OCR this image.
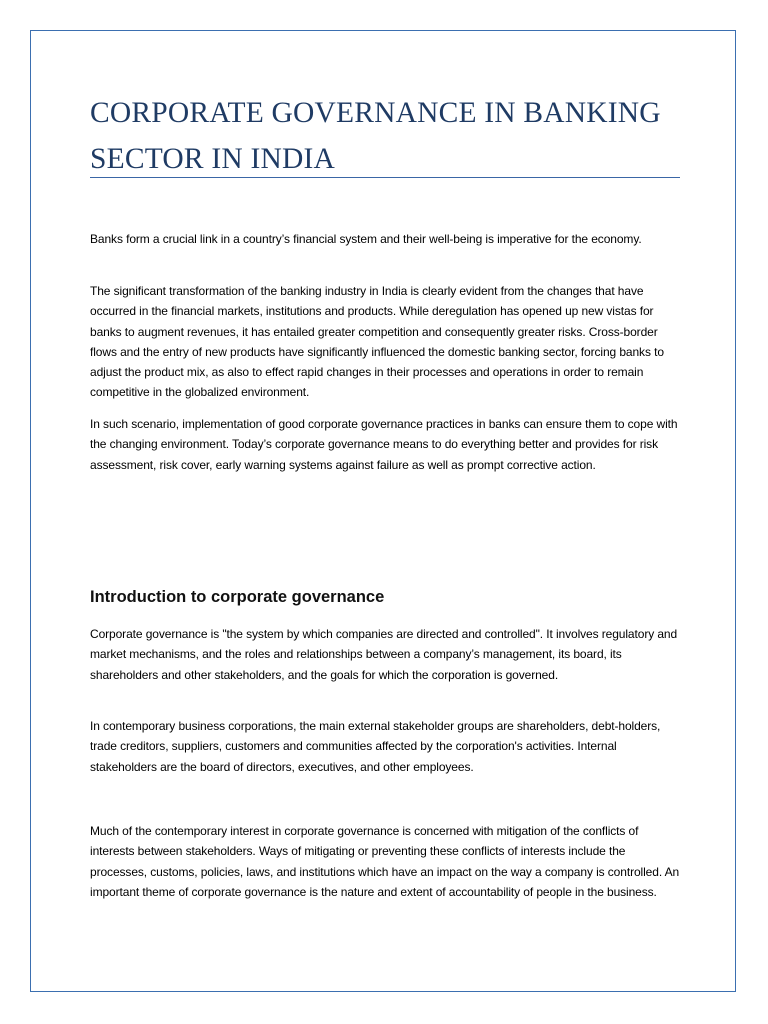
CORPORATE GOVERNANCE IN BANKING SECTOR IN INDIA

Banks form a crucial link in a country’s financial system and their well-being is imperative for the economy.

The significant transformation of the banking industry in India is clearly evident from the changes that have occurred in the financial markets, institutions and products. While deregulation has opened up new vistas for banks to augment revenues, it has entailed greater competition and consequently greater risks. Cross-border flows and the entry of new products have significantly influenced the domestic banking sector, forcing banks to adjust the product mix, as also to effect rapid changes in their processes and operations in order to remain competitive in the globalized environment.

In such scenario, implementation of good corporate governance practices in banks can ensure them to cope with the changing environment. Today’s corporate governance means to do everything better and provides for risk assessment, risk cover, early warning systems against failure as well as prompt corrective action.

Introduction to corporate governance

Corporate governance is "the system by which companies are directed and controlled". It involves regulatory and market mechanisms, and the roles and relationships between a company’s management, its board, its shareholders and other stakeholders, and the goals for which the corporation is governed.

In contemporary business corporations, the main external stakeholder groups are shareholders, debt-holders, trade creditors, suppliers, customers and communities affected by the corporation's activities. Internal stakeholders are the board of directors, executives, and other employees.

Much of the contemporary interest in corporate governance is concerned with mitigation of the conflicts of interests between stakeholders. Ways of mitigating or preventing these conflicts of interests include the processes, customs, policies, laws, and institutions which have an impact on the way a company is controlled. An important theme of corporate governance is the nature and extent of accountability of people in the business.
